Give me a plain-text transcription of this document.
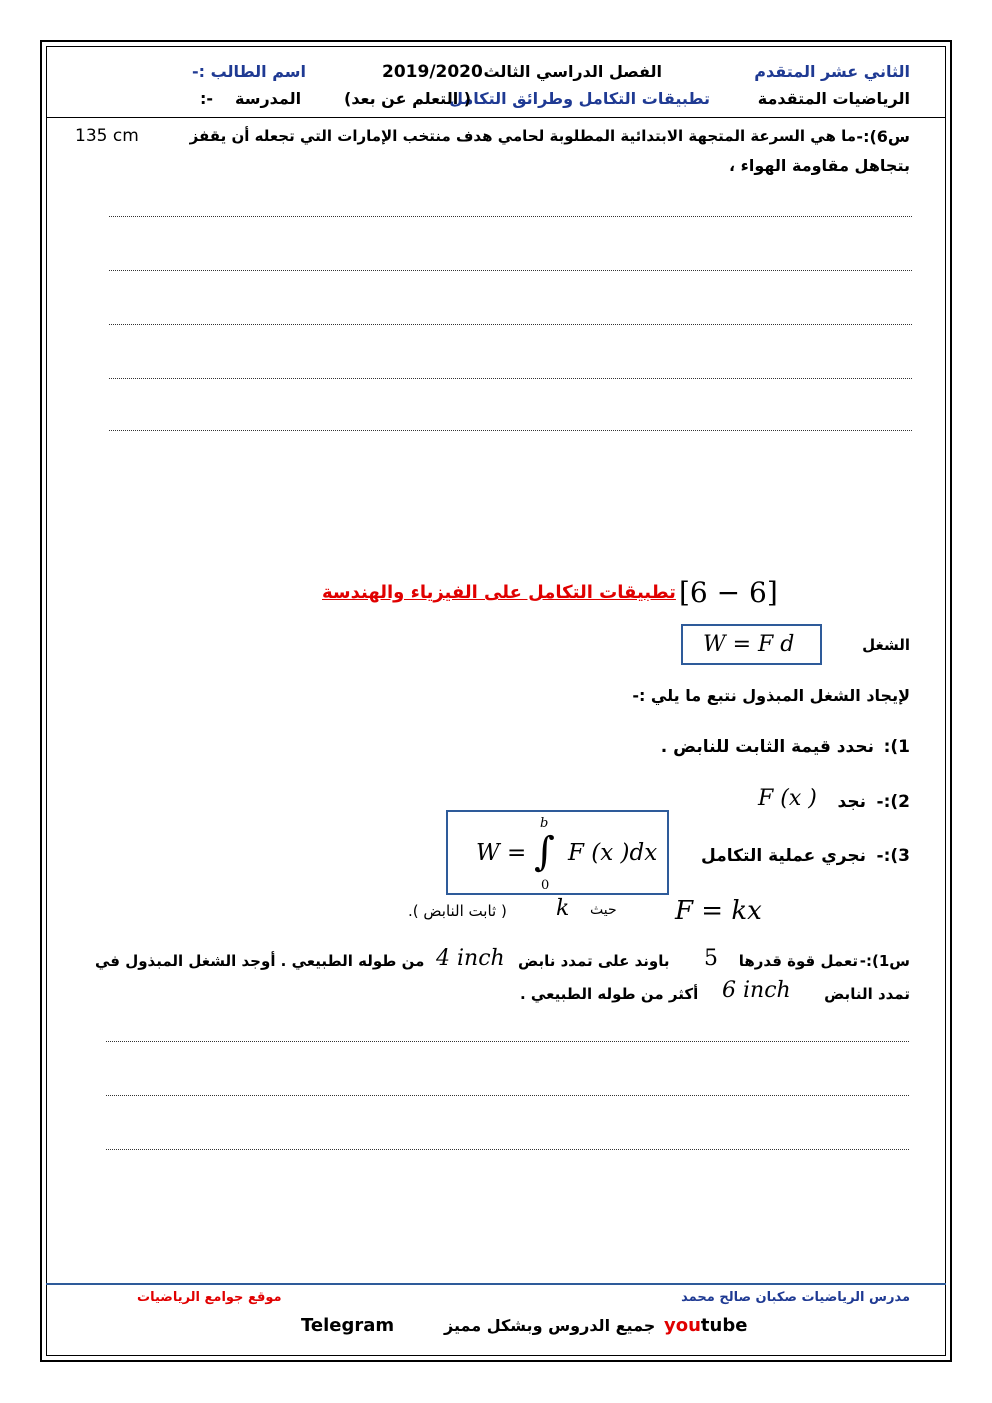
الثاني عشر المتقدم
الفصل الدراسي الثالث
2019/2020
اسم الطالب :-
الرياضيات المتقدمة
تطبيقات التكامل وطرائق التكامل
( التعلم عن بعد)
المدرسة
:-
س6):-
ما هي السرعة المتجهة الابتدائية المطلوبة لحامي هدف منتخب الإمارات التي تجعله أن يقفز
135 cm
بتجاهل مقاومة الهواء ،
[6 − 6]
تطبيقات التكامل على الفيزياء والهندسة
الشغل
W = F d
لإيجاد الشغل المبذول نتبع ما يلي :-
1):
نحدد قيمة الثابت للنابض .
2):-
نجد
F (x )
3):-
نجري عملية التكامل
W =
b
∫
0
F (x )dx
F = kx
حيث
k
( ثابت النابض ).
س1):-
تعمل قوة قدرها
5
باوند على تمدد نابض
4 inch
من طوله الطبيعي . أوجد الشغل المبذول في
تمدد النابض
6 inch
أكثر من طوله الطبيعي .
مدرس الرياضيات صكبان صالح محمد
موقع جوامع الرياضيات
youtube
جميع الدروس وبشكل مميز
Telegram
